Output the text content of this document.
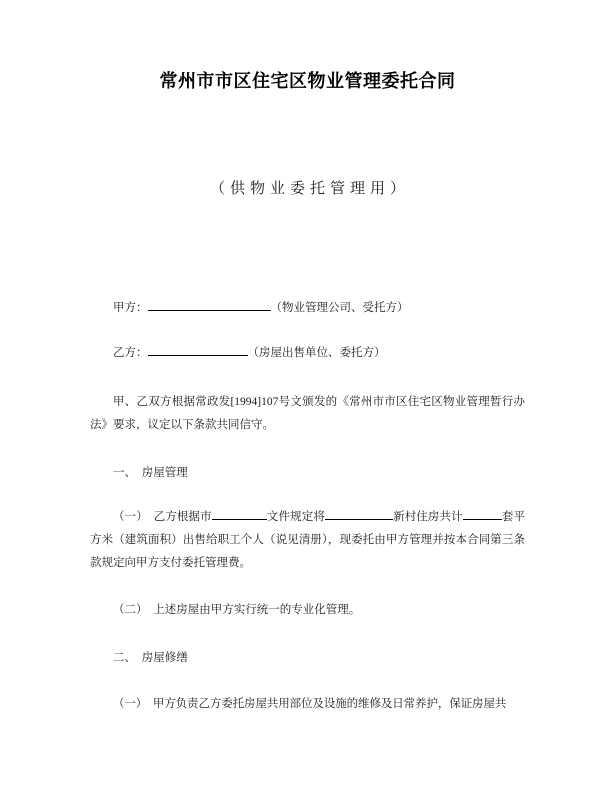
常州市市区住宅区物业管理委托合同
（供物业委托管理用）
甲方：	（物业管理公司、受托方）
乙方：	（房屋出售单位、委托方）

甲、乙双方根据常政发[1994]107号文颁发的《常州市市区住宅区物业管理暂行办法》要求，议定以下条款共同信守。

一、　房屋管理

（一）　乙方根据市	文件规定将	新村住房共计	套平方米（建筑面积）出售给职工个人（说见清册），现委托由甲方管理并按本合同第三条款规定向甲方支付委托管理费。

（二）　上述房屋由甲方实行统一的专业化管理。

二、　房屋修缮

（一）　甲方负责乙方委托房屋共用部位及设施的维修及日常养护，保证房屋共
